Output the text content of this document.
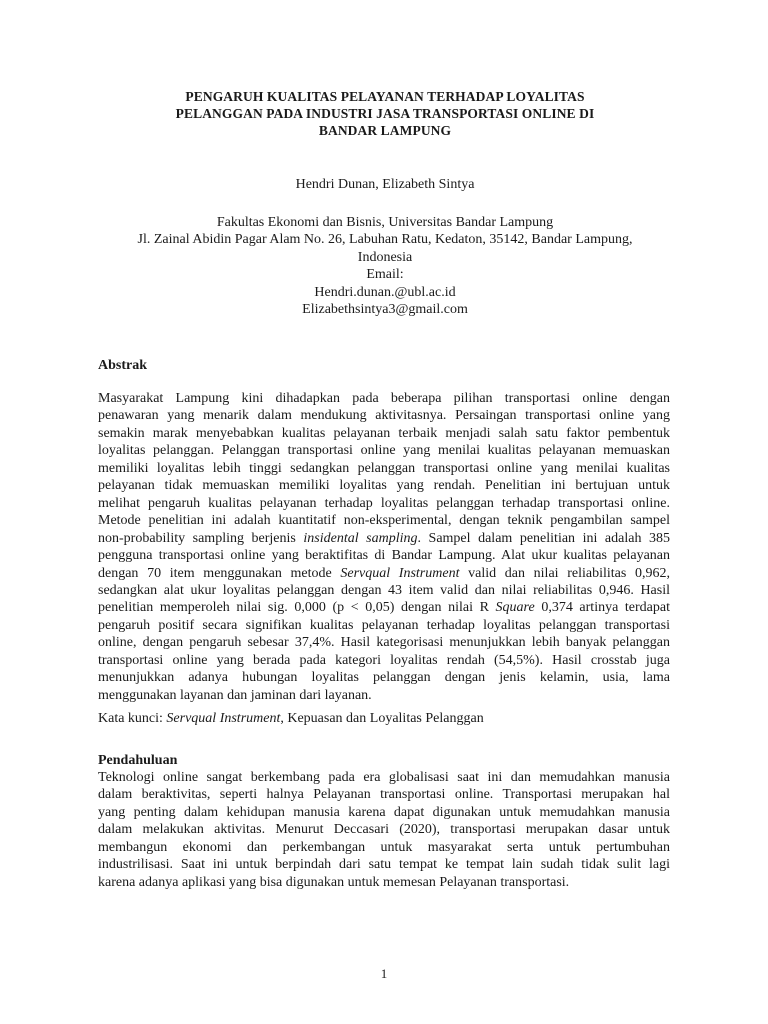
PENGARUH KUALITAS PELAYANAN TERHADAP LOYALITAS
PELANGGAN PADA INDUSTRI JASA TRANSPORTASI ONLINE DI
BANDAR LAMPUNG
Hendri Dunan, Elizabeth Sintya
Fakultas Ekonomi dan Bisnis, Universitas Bandar Lampung
Jl. Zainal Abidin Pagar Alam No. 26, Labuhan Ratu, Kedaton, 35142, Bandar Lampung,
Indonesia
Email:
Hendri.dunan.@ubl.ac.id
Elizabethsintya3@gmail.com
Abstrak
Masyarakat Lampung kini dihadapkan pada beberapa pilihan transportasi online dengan
penawaran yang menarik dalam mendukung aktivitasnya. Persaingan transportasi online yang
semakin marak menyebabkan kualitas pelayanan terbaik menjadi salah satu faktor pembentuk
loyalitas pelanggan. Pelanggan transportasi online yang menilai kualitas pelayanan memuaskan
memiliki loyalitas lebih tinggi sedangkan pelanggan transportasi online yang menilai kualitas
pelayanan tidak memuaskan memiliki loyalitas yang rendah. Penelitian ini bertujuan untuk
melihat pengaruh kualitas pelayanan terhadap loyalitas pelanggan terhadap transportasi online.
Metode penelitian ini adalah kuantitatif non-eksperimental, dengan teknik pengambilan sampel
non-probability sampling berjenis insidental sampling. Sampel dalam penelitian ini adalah 385
pengguna transportasi online yang beraktifitas di Bandar Lampung. Alat ukur kualitas pelayanan
dengan 70 item menggunakan metode Servqual Instrument valid dan nilai reliabilitas 0,962,
sedangkan alat ukur loyalitas pelanggan dengan 43 item valid dan nilai reliabilitas 0,946. Hasil
penelitian memperoleh nilai sig. 0,000 (p < 0,05) dengan nilai R Square 0,374 artinya terdapat
pengaruh positif secara signifikan kualitas pelayanan terhadap loyalitas pelanggan transportasi
online, dengan pengaruh sebesar 37,4%. Hasil kategorisasi menunjukkan lebih banyak pelanggan
transportasi online yang berada pada kategori loyalitas rendah (54,5%). Hasil crosstab juga
menunjukkan adanya hubungan loyalitas pelanggan dengan jenis kelamin, usia, lama
menggunakan layanan dan jaminan dari layanan.
Kata kunci: Servqual Instrument, Kepuasan dan Loyalitas Pelanggan
Pendahuluan
Teknologi online sangat berkembang pada era globalisasi saat ini dan memudahkan manusia
dalam beraktivitas, seperti halnya Pelayanan transportasi online. Transportasi merupakan hal
yang penting dalam kehidupan manusia karena dapat digunakan untuk memudahkan manusia
dalam melakukan aktivitas. Menurut Deccasari (2020), transportasi merupakan dasar untuk
membangun ekonomi dan perkembangan untuk masyarakat serta untuk pertumbuhan
industrilisasi. Saat ini untuk berpindah dari satu tempat ke tempat lain sudah tidak sulit lagi
karena adanya aplikasi yang bisa digunakan untuk memesan Pelayanan transportasi.
1
